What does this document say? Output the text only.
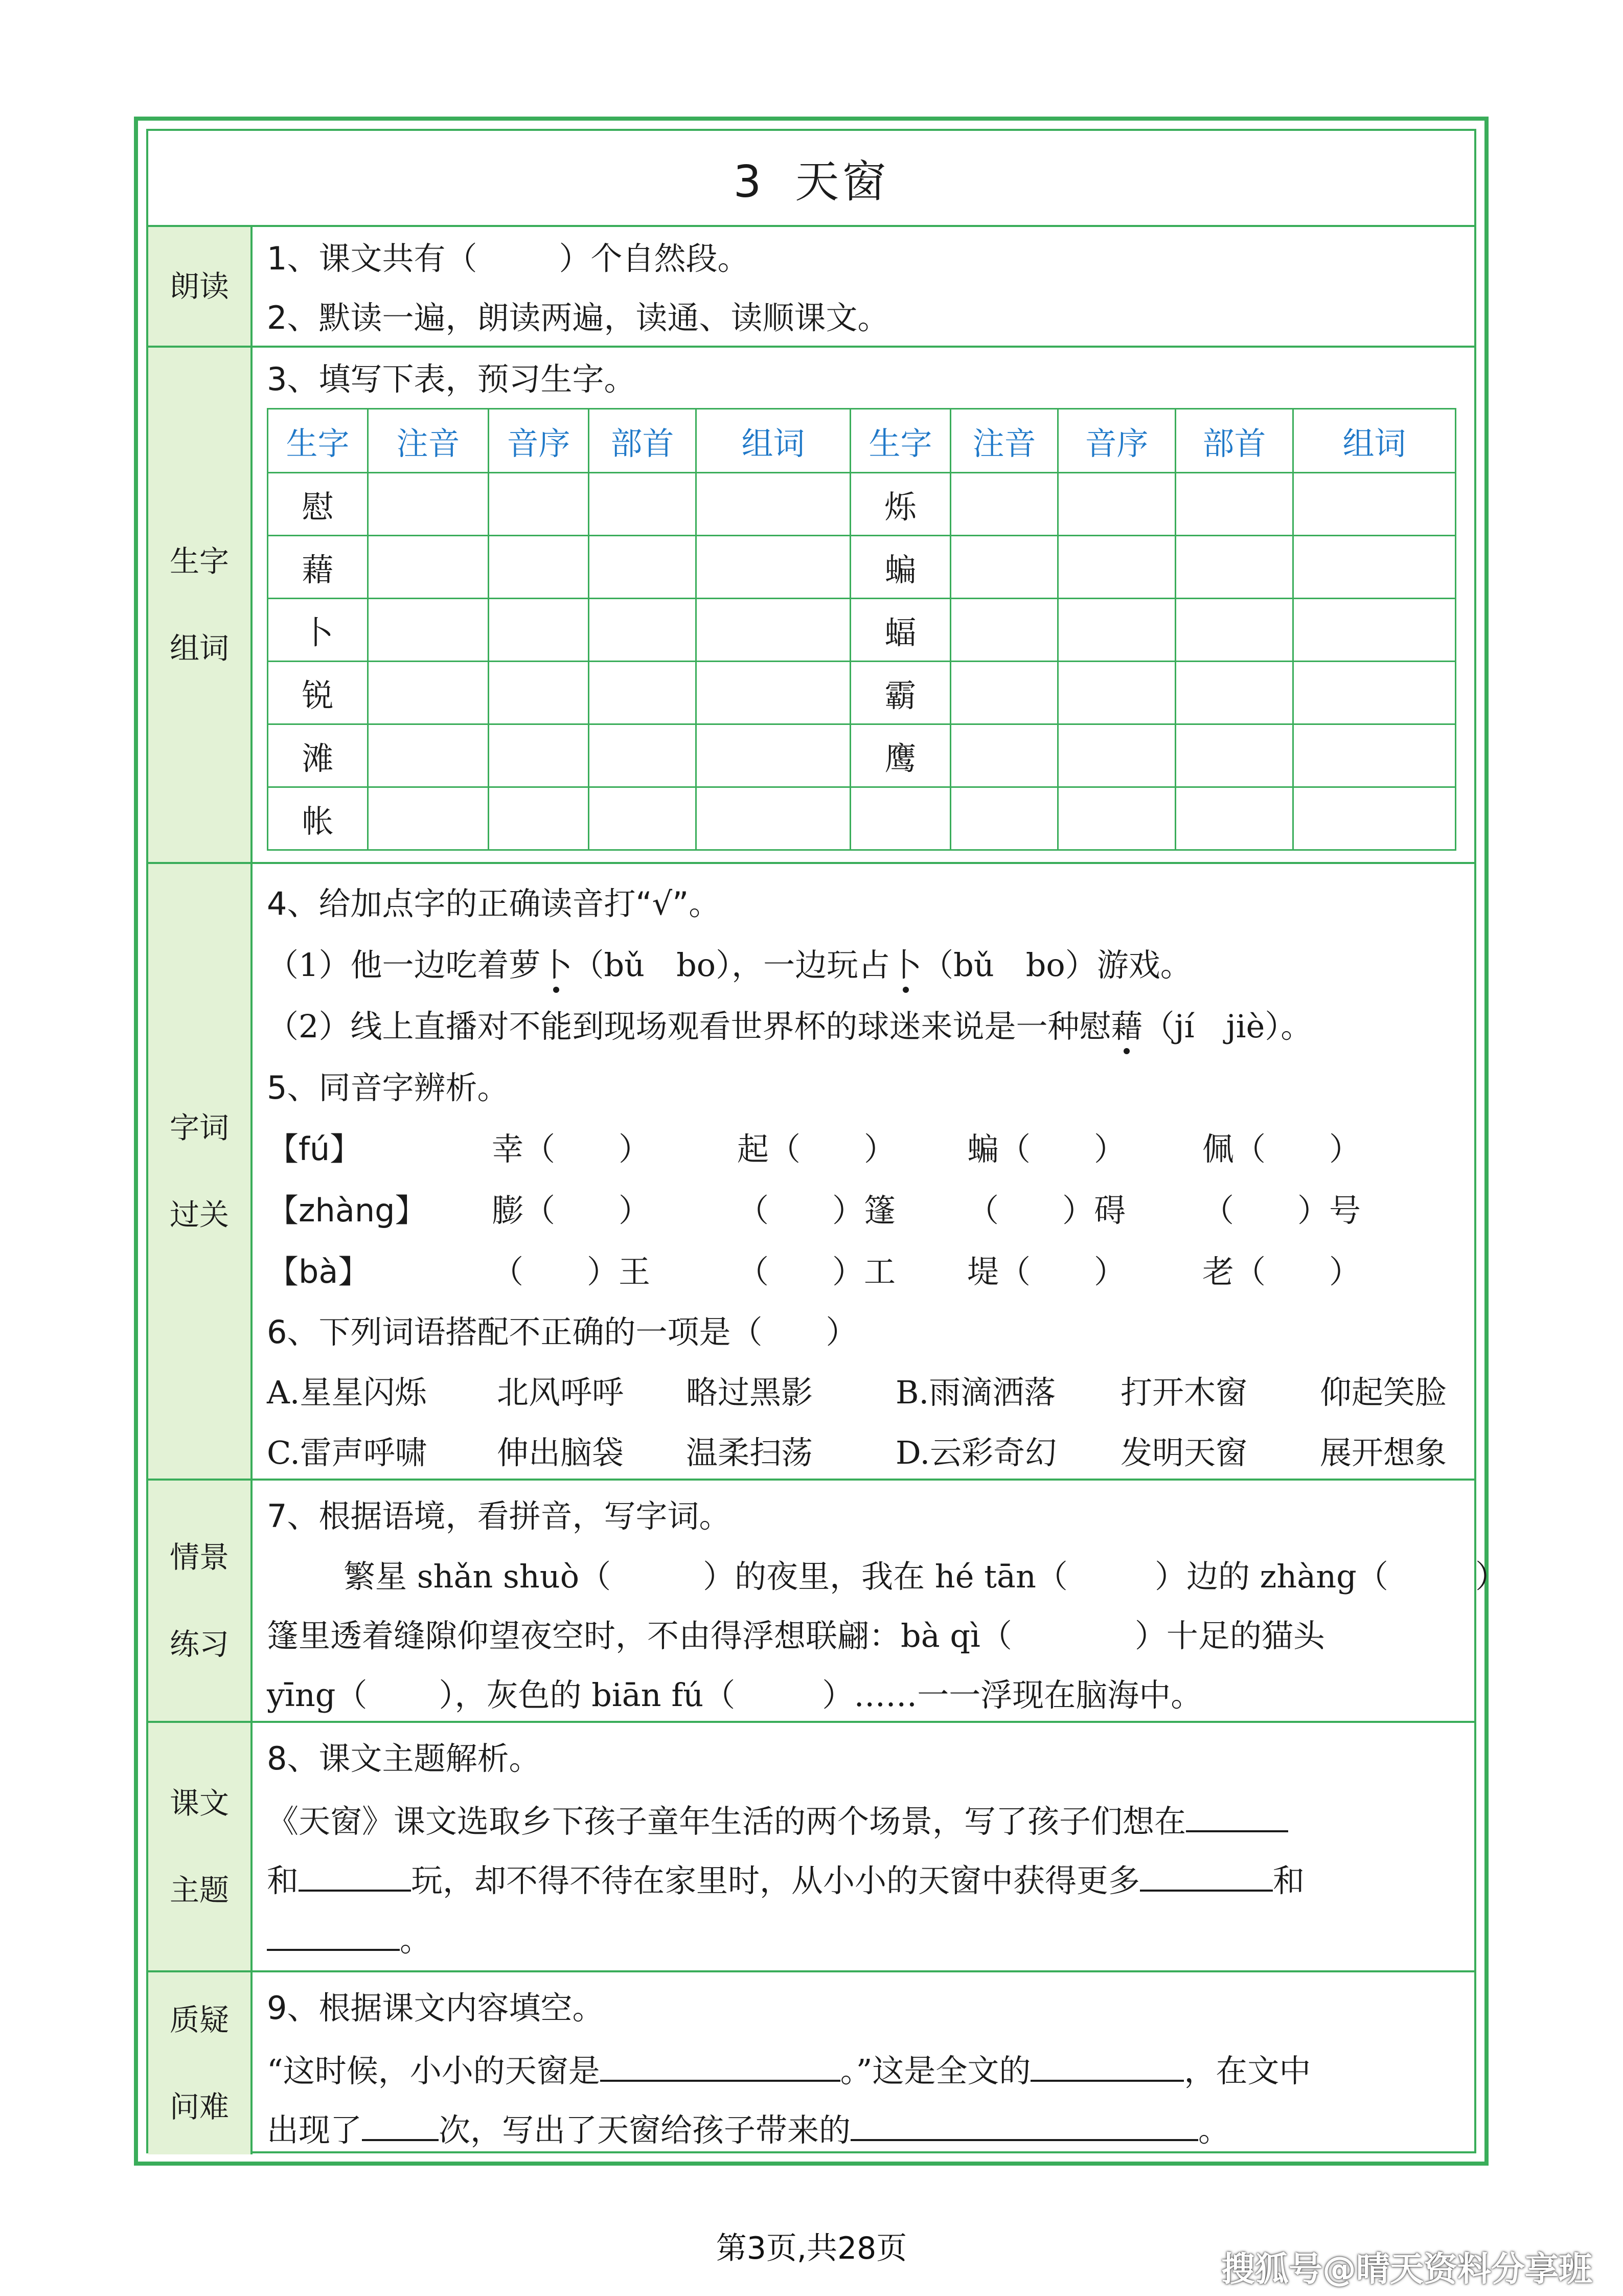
3 天窗
朗读
1、课文共有（	）个自然段。
2、默读一遍，朗读两遍，读通、读顺课文。
生字
组词
3、填写下表，预习生字。
生字	注音	音序	部首	组词	生字	注音	音序	部首	组词
慰					烁				
藉					蝙				
卜					蝠				
锐					霸				
滩					鹰				
帐									
字词
过关
4、给加点字的正确读音打“√”。
（1）他一边吃着萝卜（bǔ　bo），一边玩占卜（bǔ　bo）游戏。
（2）线上直播对不能到现场观看世界杯的球迷来说是一种慰藉（jí　jiè）。
5、同音字辨析。
【fú】	幸（　　）	起（　　） 蝙（　　） 佩（　　）
【zhàng】 膨（　　）	（　　）篷 （　　）碍 （　　）号
【bà】	（　　）王	（　　）工 堤（　　） 老（　　）
6、下列词语搭配不正确的一项是（　　）
A.星星闪烁 北风呼呼 略过黑影	B.雨滴洒落 打开木窗 仰起笑脸
C.雷声呼啸 伸出脑袋 温柔扫荡	D.云彩奇幻 发明天窗 展开想象
情景
练习
7、根据语境，看拼音，写字词。
繁星 shǎn shuò（	）的夜里，我在 hé tān（	）边的 zhàng（	）
篷里透着缝隙仰望夜空时，不由得浮想联翩：bà qì（	）十足的猫头
yīng（ ），灰色的 biān fú（	）……一一浮现在脑海中。
课文
主题
8、课文主题解析。
《天窗》课文选取乡下孩子童年生活的两个场景，写了孩子们想在
和	玩，却不得不待在家里时，从小小的天窗中获得更多	和
。
质疑
问难
9、根据课文内容填空。
“这时候，小小的天窗是	。”这是全文的	，在文中
出现了 次，写出了天窗给孩子带来的	。
第3页,共28页
搜狐号@晴天资料分享班
